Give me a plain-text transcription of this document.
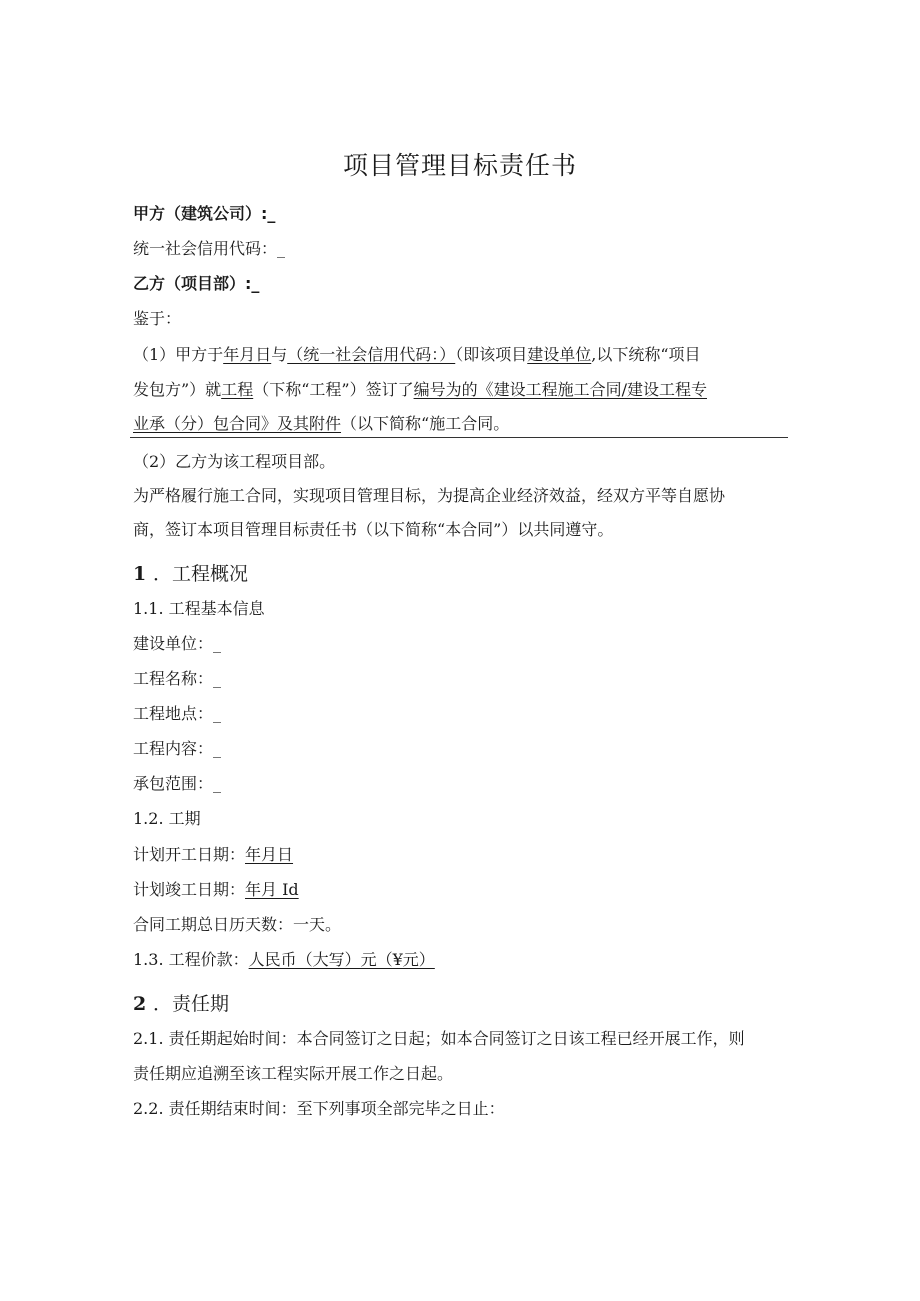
项目管理目标责任书
甲方（建筑公司）:_
统一社会信用代码：_
乙方（项目部）:_
鉴于：
（1）甲方于年月日与（统一社会信用代码：）（即该项目建设单位,以下统称“项目
发包方”）就工程（下称“工程”）签订了编号为的《建设工程施工合同/建设工程专
业承（分）包合同》及其附件（以下简称“施工合同。
（2）乙方为该工程项目部。
为严格履行施工合同，实现项目管理目标，为提高企业经济效益，经双方平等自愿协
商，签订本项目管理目标责任书（以下简称“本合同”）以共同遵守。
1 ．工程概况
1.1. 工程基本信息
建设单位：_
工程名称：_
工程地点：_
工程内容：_
承包范围：_
1.2. 工期
计划开工日期：年月日
计划竣工日期：年月 Id
合同工期总日历天数：一天。
1.3. 工程价款：人民币（大写）元（¥元）
2 ．责任期
2.1. 责任期起始时间：本合同签订之日起；如本合同签订之日该工程已经开展工作，则
责任期应追溯至该工程实际开展工作之日起。
2.2. 责任期结束时间：至下列事项全部完毕之日止：
